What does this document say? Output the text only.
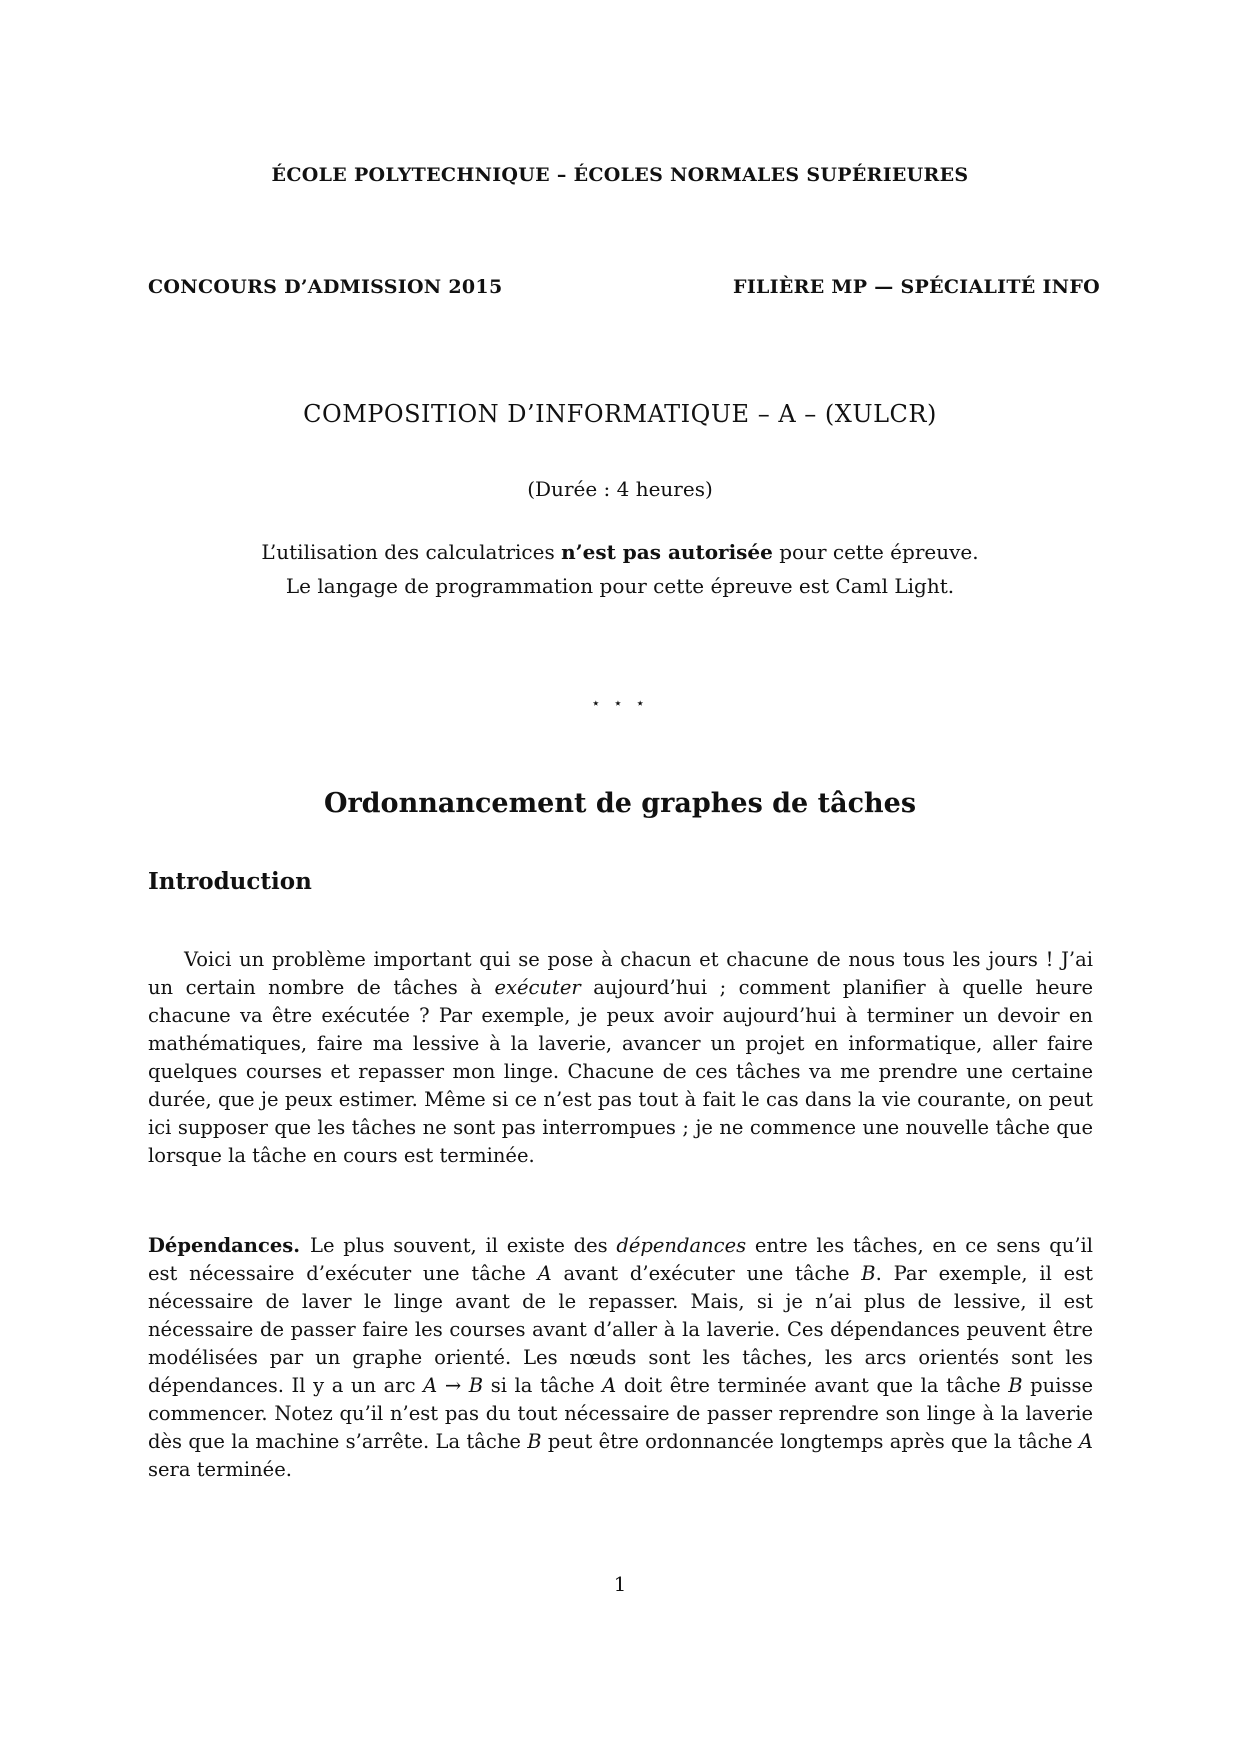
ÉCOLE POLYTECHNIQUE – ÉCOLES NORMALES SUPÉRIEURES
CONCOURS D’ADMISSION 2015	FILIÈRE MP — SPÉCIALITÉ INFO
COMPOSITION D’INFORMATIQUE – A – (XULCR)
(Durée : 4 heures)
L’utilisation des calculatrices n’est pas autorisée pour cette épreuve.
Le langage de programmation pour cette épreuve est Caml Light.
⋆ ⋆ ⋆
Ordonnancement de graphes de tâches
Introduction

Voici un problème important qui se pose à chacun et chacune de nous tous les jours ! J’ai un certain nombre de tâches à exécuter aujourd’hui ; comment planifier à quelle heure chacune va être exécutée ? Par exemple, je peux avoir aujourd’hui à terminer un devoir en mathématiques, faire ma lessive à la laverie, avancer un projet en informatique, aller faire quelques courses et repasser mon linge. Chacune de ces tâches va me prendre une certaine durée, que je peux estimer. Même si ce n’est pas tout à fait le cas dans la vie courante, on peut ici supposer que les tâches ne sont pas interrompues ; je ne commence une nouvelle tâche que lorsque la tâche en cours est terminée.

Dépendances. Le plus souvent, il existe des dépendances entre les tâches, en ce sens qu’il est nécessaire d’exécuter une tâche A avant d’exécuter une tâche B. Par exemple, il est nécessaire de laver le linge avant de le repasser. Mais, si je n’ai plus de lessive, il est nécessaire de passer faire les courses avant d’aller à la laverie. Ces dépendances peuvent être modélisées par un graphe orienté. Les nœuds sont les tâches, les arcs orientés sont les dépendances. Il y a un arc A → B si la tâche A doit être terminée avant que la tâche B puisse commencer. Notez qu’il n’est pas du tout nécessaire de passer reprendre son linge à la laverie dès que la machine s’arrête. La tâche B peut être ordonnancée longtemps après que la tâche A sera terminée.

1
